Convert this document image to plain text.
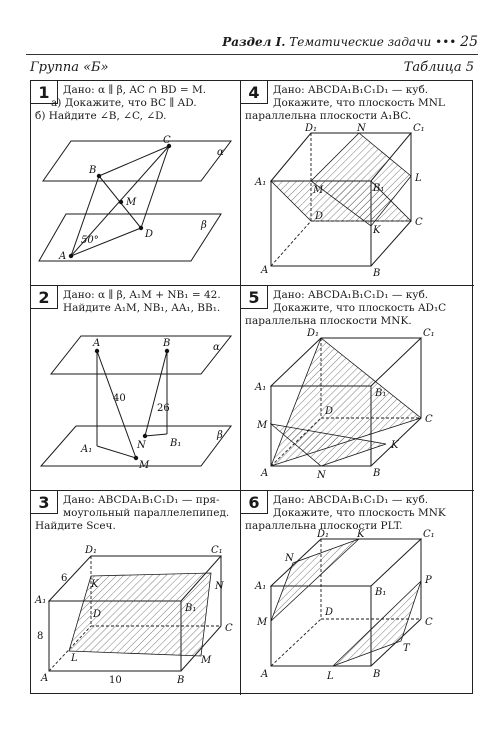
Раздел I. Тематические задачи ••• 25
Группа «Б»	Таблица 5
1	Дано: α ∥ β, AC ∩ BD = M.
а) Докажите, что BC ∥ AD.

б) Найдите ∠B, ∠C, ∠D.
α
β
B
C
M
D
A
50°
4	Дано: ABCDA₁B₁C₁D₁ — куб.
Докажите, что плоскость MNL
параллельна плоскости A₁BC.
D₁	N	C₁
A₁
M	B₁
L
D
K
C
A	B
2	Дано: α ∥ β, A₁M + NB₁ = 42.
Найдите A₁M, NB₁, AA₁, BB₁.
A	B	α
β
40
26
A₁	N B₁
M
5	Дано: ABCDA₁B₁C₁D₁ — куб.
Докажите, что плоскость AD₁C
параллельна плоскости MNK.
D₁	C₁
A₁
B₁
D
M
C
K
A	N	B
3	Дано: ABCDA₁B₁C₁D₁ — пря-
моугольный параллелепипед.
Найдите Sсеч.
D₁	C₁
6
K	N
A₁
D
B₁
8
C
L	M
A	10	B
6	Дано: ABCDA₁B₁C₁D₁ — куб.
Докажите, что плоскость MNK
параллельна плоскости PLT.
D₁	K	C₁
N
A₁
B₁
P
M
D
C
T
A	L	B
